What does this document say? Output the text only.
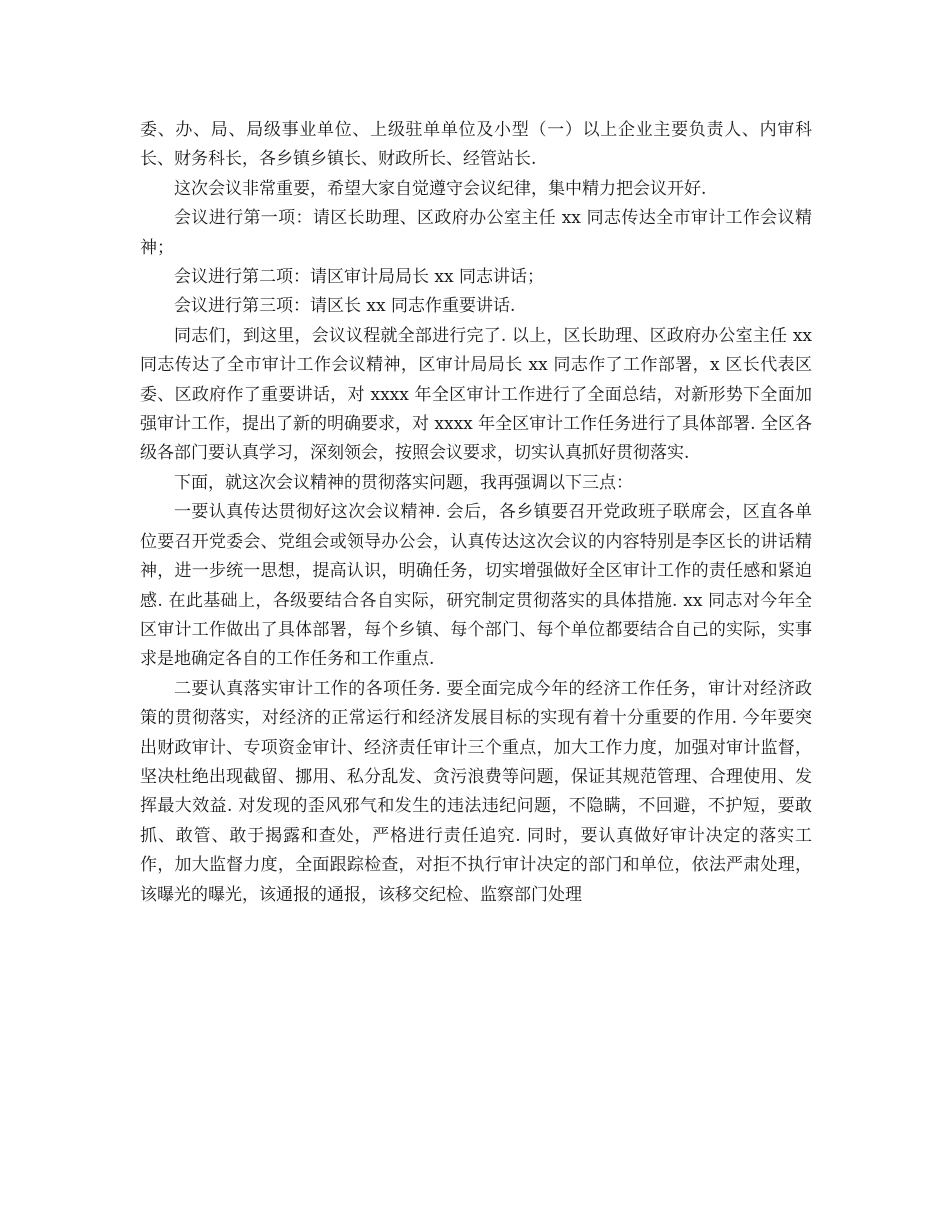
委、办、局、局级事业单位、上级驻单单位及小型（一）以上企业主要负责人、内审科长、财务科长，各乡镇乡镇长、财政所长、经管站长.

这次会议非常重要，希望大家自觉遵守会议纪律，集中精力把会议开好.

会议进行第一项：请区长助理、区政府办公室主任 xx 同志传达全市审计工作会议精神；

会议进行第二项：请区审计局局长 xx 同志讲话；

会议进行第三项：请区长 xx 同志作重要讲话.

同志们，到这里，会议议程就全部进行完了. 以上，区长助理、区政府办公室主任 xx 同志传达了全市审计工作会议精神，区审计局局长 xx 同志作了工作部署，x 区长代表区委、区政府作了重要讲话，对 xxxx 年全区审计工作进行了全面总结，对新形势下全面加强审计工作，提出了新的明确要求，对 xxxx 年全区审计工作任务进行了具体部署. 全区各级各部门要认真学习，深刻领会，按照会议要求，切实认真抓好贯彻落实.

下面，就这次会议精神的贯彻落实问题，我再强调以下三点：

一要认真传达贯彻好这次会议精神. 会后，各乡镇要召开党政班子联席会，区直各单位要召开党委会、党组会或领导办公会，认真传达这次会议的内容特别是李区长的讲话精神，进一步统一思想，提高认识，明确任务，切实增强做好全区审计工作的责任感和紧迫感. 在此基础上，各级要结合各自实际，研究制定贯彻落实的具体措施. xx 同志对今年全区审计工作做出了具体部署，每个乡镇、每个部门、每个单位都要结合自己的实际，实事求是地确定各自的工作任务和工作重点.

二要认真落实审计工作的各项任务. 要全面完成今年的经济工作任务，审计对经济政策的贯彻落实，对经济的正常运行和经济发展目标的实现有着十分重要的作用. 今年要突出财政审计、专项资金审计、经济责任审计三个重点，加大工作力度，加强对审计监督，坚决杜绝出现截留、挪用、私分乱发、贪污浪费等问题，保证其规范管理、合理使用、发挥最大效益. 对发现的歪风邪气和发生的违法违纪问题，不隐瞒，不回避，不护短，要敢抓、敢管、敢于揭露和查处，严格进行责任追究. 同时，要认真做好审计决定的落实工作，加大监督力度，全面跟踪检查，对拒不执行审计决定的部门和单位，依法严肃处理，该曝光的曝光，该通报的通报，该移交纪检、监察部门处理
